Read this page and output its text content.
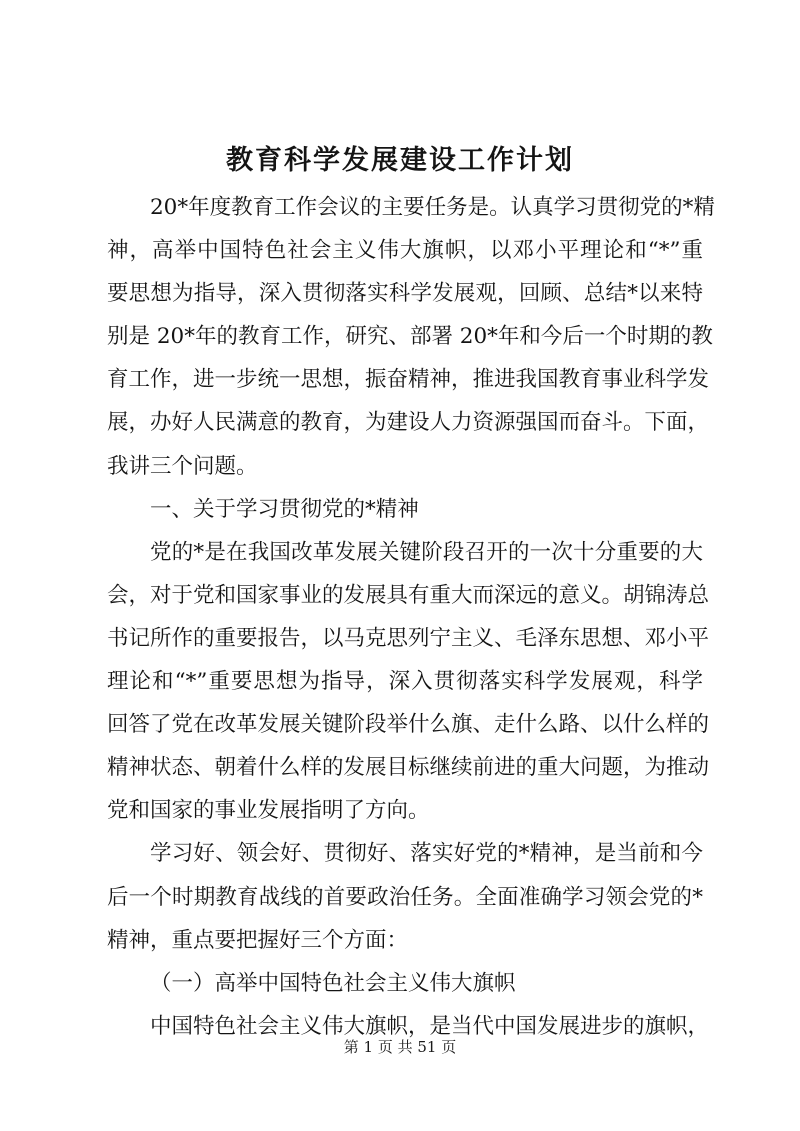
教育科学发展建设工作计划
20*年度教育工作会议的主要任务是。认真学习贯彻党的*精
神，高举中国特色社会主义伟大旗帜，以邓小平理论和“*”重
要思想为指导，深入贯彻落实科学发展观，回顾、总结*以来特
别是 20*年的教育工作，研究、部署 20*年和今后一个时期的教
育工作，进一步统一思想，振奋精神，推进我国教育事业科学发
展，办好人民满意的教育，为建设人力资源强国而奋斗。下面，
我讲三个问题。
一、关于学习贯彻党的*精神
党的*是在我国改革发展关键阶段召开的一次十分重要的大
会，对于党和国家事业的发展具有重大而深远的意义。胡锦涛总
书记所作的重要报告，以马克思列宁主义、毛泽东思想、邓小平
理论和“*”重要思想为指导，深入贯彻落实科学发展观，科学
回答了党在改革发展关键阶段举什么旗、走什么路、以什么样的
精神状态、朝着什么样的发展目标继续前进的重大问题，为推动
党和国家的事业发展指明了方向。
学习好、领会好、贯彻好、落实好党的*精神，是当前和今
后一个时期教育战线的首要政治任务。全面准确学习领会党的*
精神，重点要把握好三个方面：
（一）高举中国特色社会主义伟大旗帜
中国特色社会主义伟大旗帜，是当代中国发展进步的旗帜，
第 1 页 共 51 页
